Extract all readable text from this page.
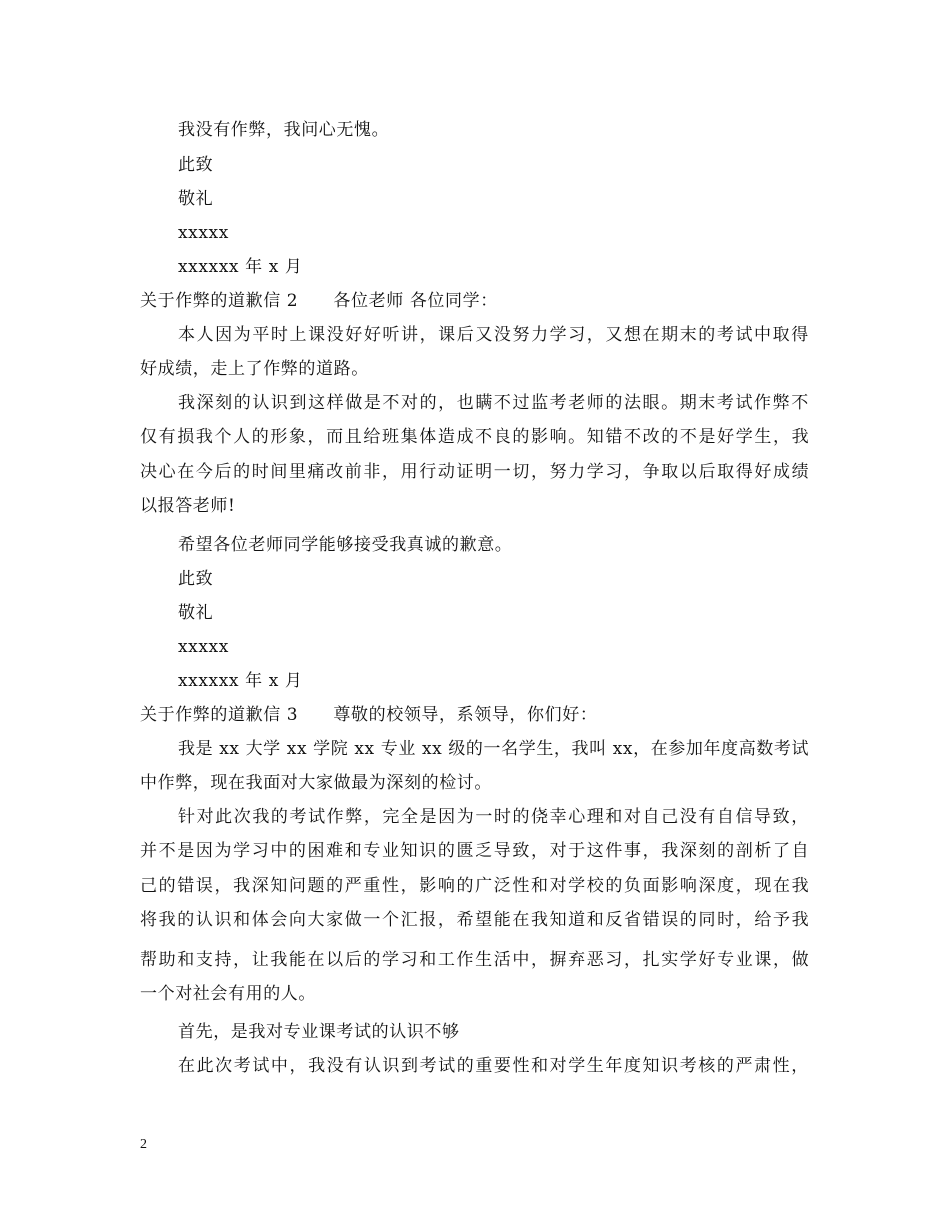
我没有作弊，我问心无愧。
此致
敬礼
xxxxx
xxxxxx 年 x 月
关于作弊的道歉信 2　　各位老师 各位同学：
本人因为平时上课没好好听讲，课后又没努力学习，又想在期末的考试中取得
好成绩，走上了作弊的道路。
我深刻的认识到这样做是不对的，也瞒不过监考老师的法眼。期末考试作弊不
仅有损我个人的形象，而且给班集体造成不良的影响。知错不改的不是好学生，我
决心在今后的时间里痛改前非，用行动证明一切，努力学习，争取以后取得好成绩
以报答老师!
希望各位老师同学能够接受我真诚的歉意。
此致
敬礼
xxxxx
xxxxxx 年 x 月
关于作弊的道歉信 3　　尊敬的校领导，系领导，你们好：
我是 xx 大学 xx 学院 xx 专业 xx 级的一名学生，我叫 xx，在参加年度高数考试
中作弊，现在我面对大家做最为深刻的检讨。
针对此次我的考试作弊，完全是因为一时的侥幸心理和对自己没有自信导致，
并不是因为学习中的困难和专业知识的匮乏导致，对于这件事，我深刻的剖析了自
己的错误，我深知问题的严重性，影响的广泛性和对学校的负面影响深度，现在我
将我的认识和体会向大家做一个汇报，希望能在我知道和反省错误的同时，给予我
帮助和支持，让我能在以后的学习和工作生活中，摒弃恶习，扎实学好专业课，做
一个对社会有用的人。
首先，是我对专业课考试的认识不够
在此次考试中，我没有认识到考试的重要性和对学生年度知识考核的严肃性，
2
